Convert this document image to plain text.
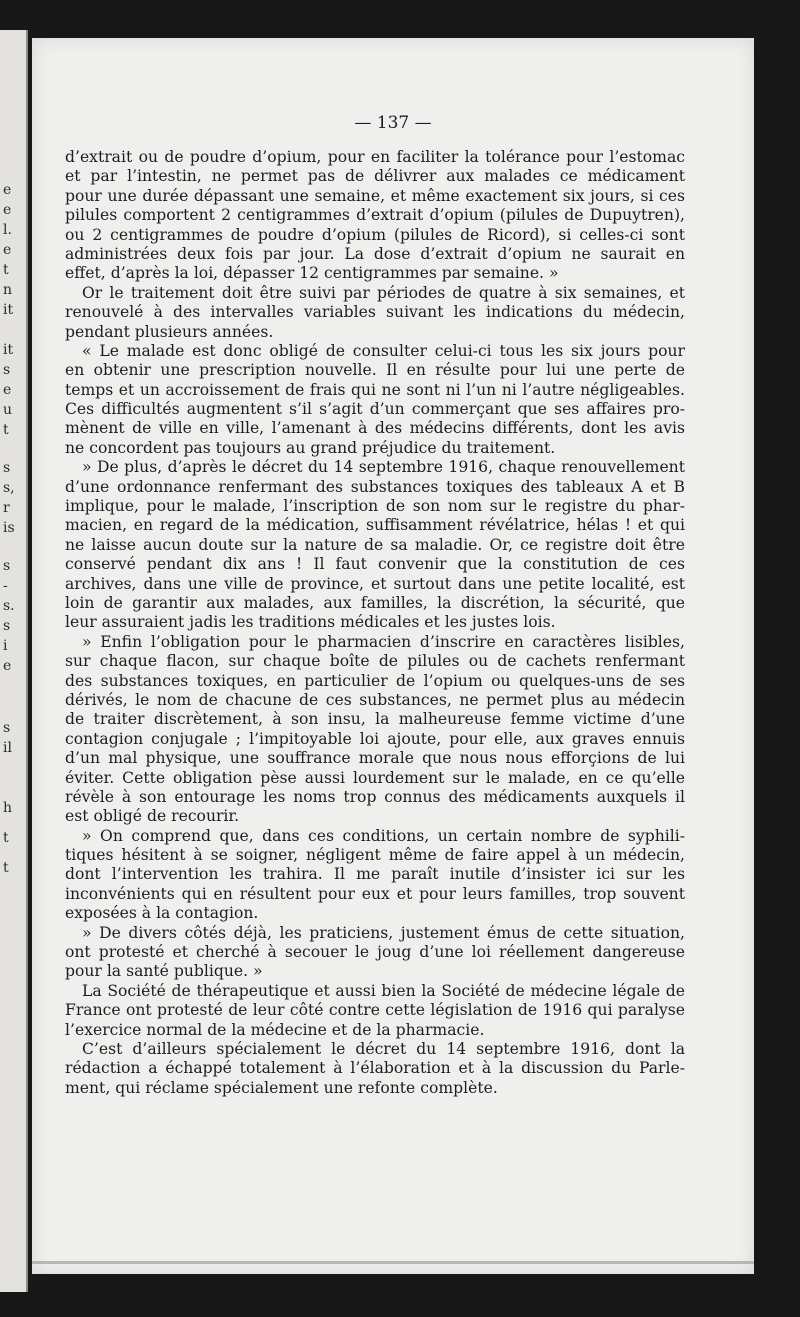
e
e
l.
e
t
n
it
it
s
e
u
t
s
s,
r
is
s
-
s.
s
i
e
s
il
h
t
t
— 137 —
d’extrait ou de poudre d’opium, pour en faciliter la tolérance pour l’estomac
et par l’intestin, ne permet pas de délivrer aux malades ce médicament
pour une durée dépassant une semaine, et même exactement six jours, si ces
pilules comportent 2 centigrammes d’extrait d’opium (pilules de Dupuytren),
ou 2 centigrammes de poudre d’opium (pilules de Ricord), si celles-ci sont
administrées deux fois par jour. La dose d’extrait d’opium ne saurait en
effet, d’après la loi, dépasser 12 centigrammes par semaine. »
Or le traitement doit être suivi par périodes de quatre à six semaines, et
renouvelé à des intervalles variables suivant les indications du médecin,
pendant plusieurs années.
« Le malade est donc obligé de consulter celui-ci tous les six jours pour
en obtenir une prescription nouvelle. Il en résulte pour lui une perte de
temps et un accroissement de frais qui ne sont ni l’un ni l’autre négligeables.
Ces difficultés augmentent s’il s’agit d’un commerçant que ses affaires pro-
mènent de ville en ville, l’amenant à des médecins différents, dont les avis
ne concordent pas toujours au grand préjudice du traitement.
» De plus, d’après le décret du 14 septembre 1916, chaque renouvellement
d’une ordonnance renfermant des substances toxiques des tableaux A et B
implique, pour le malade, l’inscription de son nom sur le registre du phar-
macien, en regard de la médication, suffisamment révélatrice, hélas ! et qui
ne laisse aucun doute sur la nature de sa maladie. Or, ce registre doit être
conservé pendant dix ans ! Il faut convenir que la constitution de ces
archives, dans une ville de province, et surtout dans une petite localité, est
loin de garantir aux malades, aux familles, la discrétion, la sécurité, que
leur assuraient jadis les traditions médicales et les justes lois.
» Enfin l’obligation pour le pharmacien d’inscrire en caractères lisibles,
sur chaque flacon, sur chaque boîte de pilules ou de cachets renfermant
des substances toxiques, en particulier de l’opium ou quelques-uns de ses
dérivés, le nom de chacune de ces substances, ne permet plus au médecin
de traiter discrètement, à son insu, la malheureuse femme victime d’une
contagion conjugale ; l’impitoyable loi ajoute, pour elle, aux graves ennuis
d’un mal physique, une souffrance morale que nous nous efforçions de lui
éviter. Cette obligation pèse aussi lourdement sur le malade, en ce qu’elle
révèle à son entourage les noms trop connus des médicaments auxquels il
est obligé de recourir.
» On comprend que, dans ces conditions, un certain nombre de syphili-
tiques hésitent à se soigner, négligent même de faire appel à un médecin,
dont l’intervention les trahira. Il me paraît inutile d’insister ici sur les
inconvénients qui en résultent pour eux et pour leurs familles, trop souvent
exposées à la contagion.
» De divers côtés déjà, les praticiens, justement émus de cette situation,
ont protesté et cherché à secouer le joug d’une loi réellement dangereuse
pour la santé publique. »
La Société de thérapeutique et aussi bien la Société de médecine légale de
France ont protesté de leur côté contre cette législation de 1916 qui paralyse
l’exercice normal de la médecine et de la pharmacie.
C’est d’ailleurs spécialement le décret du 14 septembre 1916, dont la
rédaction a échappé totalement à l’élaboration et à la discussion du Parle-
ment, qui réclame spécialement une refonte complète.
